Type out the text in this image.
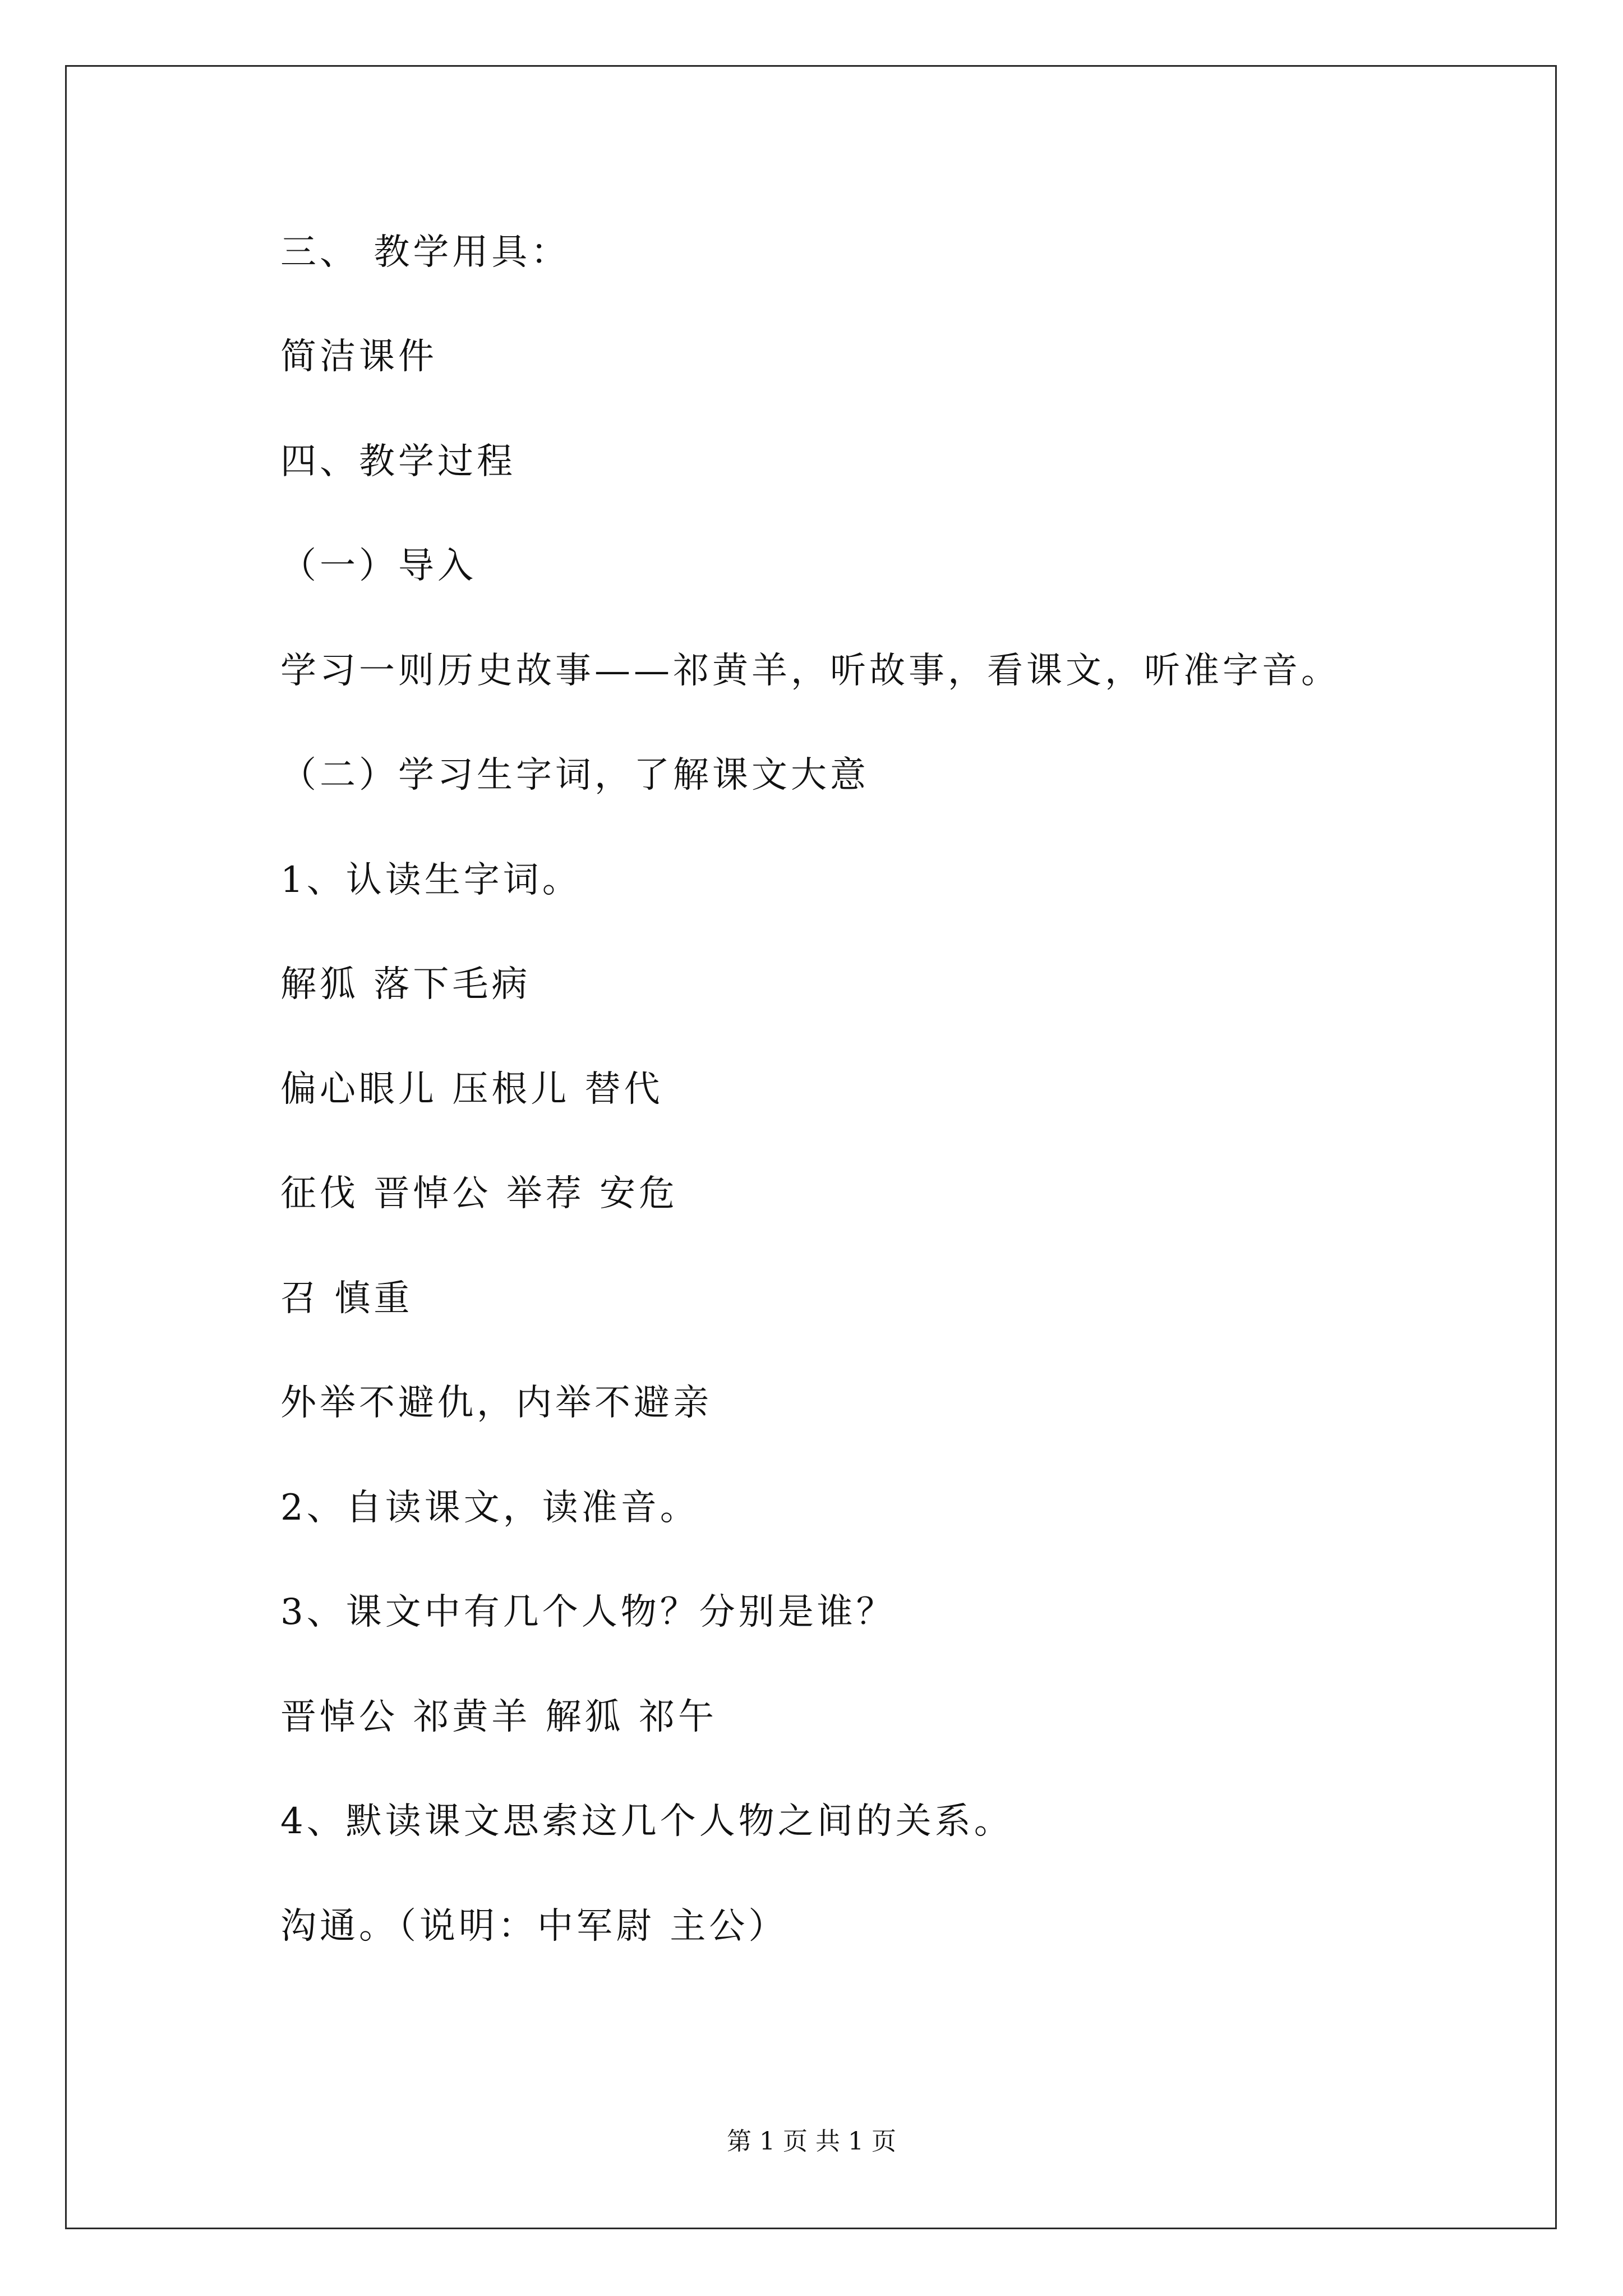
三、 教学用具：
简洁课件
四、教学过程
（一）导入
学习一则历史故事——祁黄羊，听故事，看课文，听准字音。
（二）学习生字词，了解课文大意
1、认读生字词。
解狐 落下毛病
偏心眼儿 压根儿 替代
征伐 晋悼公 举荐 安危
召 慎重
外举不避仇，内举不避亲
2、自读课文，读准音。
3、课文中有几个人物？分别是谁？
晋悼公 祁黄羊 解狐 祁午
4、默读课文思索这几个人物之间的关系。
沟通。（说明：中军尉 主公）
第 1 页 共 1 页
